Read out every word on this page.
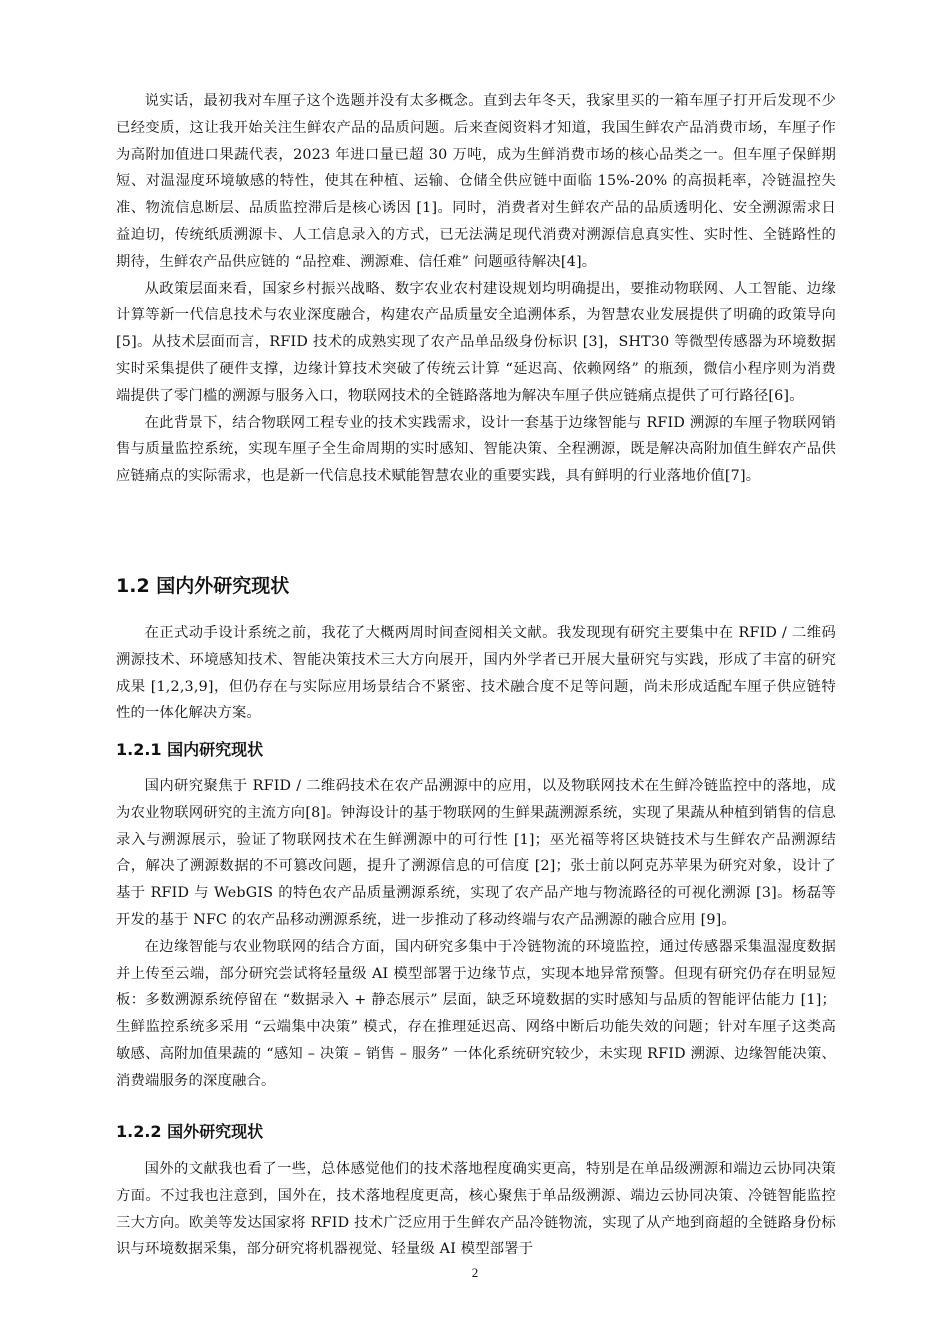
说实话，最初我对车厘子这个选题并没有太多概念。直到去年冬天，我家里买的一箱车厘子打开后发现不少已经变质，这让我开始关注生鲜农产品的品质问题。后来查阅资料才知道，我国生鲜农产品消费市场，车厘子作为高附加值进口果蔬代表，2023 年进口量已超 30 万吨，成为生鲜消费市场的核心品类之一。但车厘子保鲜期短、对温湿度环境敏感的特性，使其在种植、运输、仓储全供应链中面临 15%-20% 的高损耗率，冷链温控失准、物流信息断层、品质监控滞后是核心诱因 [1]。同时，消费者对生鲜农产品的品质透明化、安全溯源需求日益迫切，传统纸质溯源卡、人工信息录入的方式，已无法满足现代消费对溯源信息真实性、实时性、全链路性的期待，生鲜农产品供应链的 “品控难、溯源难、信任难” 问题亟待解决[4]。

从政策层面来看，国家乡村振兴战略、数字农业农村建设规划均明确提出，要推动物联网、人工智能、边缘计算等新一代信息技术与农业深度融合，构建农产品质量安全追溯体系，为智慧农业发展提供了明确的政策导向[5]。从技术层面而言，RFID 技术的成熟实现了农产品单品级身份标识 [3]，SHT30 等微型传感器为环境数据实时采集提供了硬件支撑，边缘计算技术突破了传统云计算 “延迟高、依赖网络” 的瓶颈，微信小程序则为消费端提供了零门槛的溯源与服务入口，物联网技术的全链路落地为解决车厘子供应链痛点提供了可行路径[6]。

在此背景下，结合物联网工程专业的技术实践需求，设计一套基于边缘智能与 RFID 溯源的车厘子物联网销售与质量监控系统，实现车厘子全生命周期的实时感知、智能决策、全程溯源，既是解决高附加值生鲜农产品供应链痛点的实际需求，也是新一代信息技术赋能智慧农业的重要实践，具有鲜明的行业落地价值[7]。

1.2 国内外研究现状

在正式动手设计系统之前，我花了大概两周时间查阅相关文献。我发现现有研究主要集中在 RFID / 二维码溯源技术、环境感知技术、智能决策技术三大方向展开，国内外学者已开展大量研究与实践，形成了丰富的研究成果 [1,2,3,9]，但仍存在与实际应用场景结合不紧密、技术融合度不足等问题，尚未形成适配车厘子供应链特性的一体化解决方案。

1.2.1 国内研究现状

国内研究聚焦于 RFID / 二维码技术在农产品溯源中的应用，以及物联网技术在生鲜冷链监控中的落地，成为农业物联网研究的主流方向[8]。钟海设计的基于物联网的生鲜果蔬溯源系统，实现了果蔬从种植到销售的信息录入与溯源展示，验证了物联网技术在生鲜溯源中的可行性 [1]；巫光福等将区块链技术与生鲜农产品溯源结合，解决了溯源数据的不可篡改问题，提升了溯源信息的可信度 [2]；张士前以阿克苏苹果为研究对象，设计了基于 RFID 与 WebGIS 的特色农产品质量溯源系统，实现了农产品产地与物流路径的可视化溯源 [3]。杨磊等开发的基于 NFC 的农产品移动溯源系统，进一步推动了移动终端与农产品溯源的融合应用 [9]。

在边缘智能与农业物联网的结合方面，国内研究多集中于冷链物流的环境监控，通过传感器采集温湿度数据并上传至云端，部分研究尝试将轻量级 AI 模型部署于边缘节点，实现本地异常预警。但现有研究仍存在明显短板：多数溯源系统停留在 “数据录入 + 静态展示” 层面，缺乏环境数据的实时感知与品质的智能评估能力 [1]；生鲜监控系统多采用 “云端集中决策” 模式，存在推理延迟高、网络中断后功能失效的问题；针对车厘子这类高敏感、高附加值果蔬的 “感知 – 决策 – 销售 – 服务” 一体化系统研究较少，未实现 RFID 溯源、边缘智能决策、消费端服务的深度融合。

1.2.2 国外研究现状

国外的文献我也看了一些，总体感觉他们的技术落地程度确实更高，特别是在单品级溯源和端边云协同决策方面。不过我也注意到，国外在，技术落地程度更高，核心聚焦于单品级溯源、端边云协同决策、冷链智能监控三大方向。欧美等发达国家将 RFID 技术广泛应用于生鲜农产品冷链物流，实现了从产地到商超的全链路身份标识与环境数据采集，部分研究将机器视觉、轻量级 AI 模型部署于

2
